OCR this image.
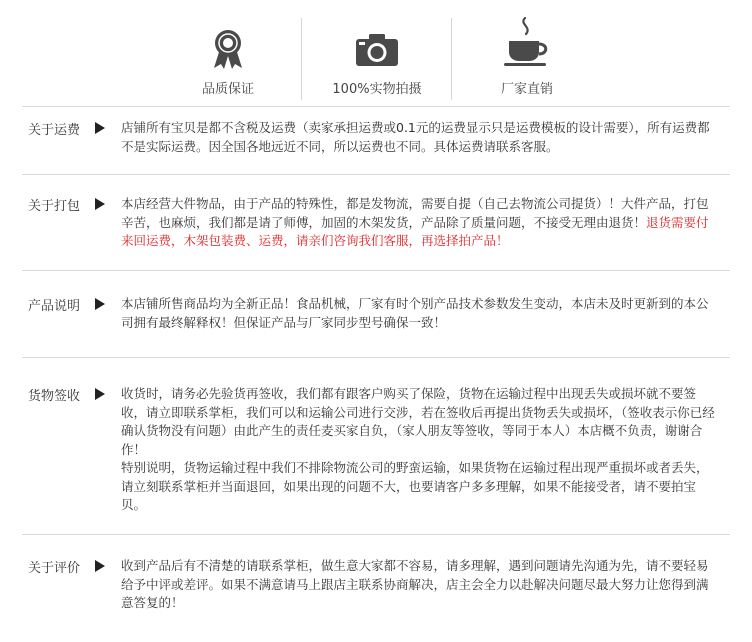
品质保证	100%实物拍摄	厂家直销
关于运费	店铺所有宝贝是都不含税及运费（卖家承担运费或0.1元的运费显示只是运费模板的设计需要），所有运费都不是实际运费。因全国各地远近不同，所以运费也不同。具体运费请联系客服。
关于打包	本店经营大件物品，由于产品的特殊性，都是发物流，需要自提（自己去物流公司提货）！大件产品，打包辛苦，也麻烦，我们都是请了师傅，加固的木架发货，产品除了质量问题，不接受无理由退货！退货需要付来回运费，木架包装费、运费，请亲们咨询我们客服，再选择拍产品！
产品说明	本店铺所售商品均为全新正品！食品机械，厂家有时个别产品技术参数发生变动，本店未及时更新到的本公司拥有最终解释权！但保证产品与厂家同步型号确保一致！
货物签收	收货时，请务必先验货再签收，我们都有跟客户购买了保险，货物在运输过程中出现丢失或损坏就不要签收，请立即联系掌柜，我们可以和运输公司进行交涉，若在签收后再提出货物丢失或损坏，（签收表示你已经确认货物没有问题）由此产生的责任麦买家自负，（家人朋友等签收，等同于本人）本店概不负责，谢谢合作！
特别说明，货物运输过程中我们不排除物流公司的野蛮运输，如果货物在运输过程出现严重损坏或者丢失，请立刻联系掌柜并当面退回，如果出现的问题不大，也要请客户多多理解，如果不能接受者，请不要拍宝贝。
关于评价	收到产品后有不清楚的请联系掌柜，做生意大家都不容易，请多理解，遇到问题请先沟通为先，请不要轻易给予中评或差评。如果不满意请马上跟店主联系协商解决，店主会全力以赴解决问题尽最大努力让您得到满意答复的！
